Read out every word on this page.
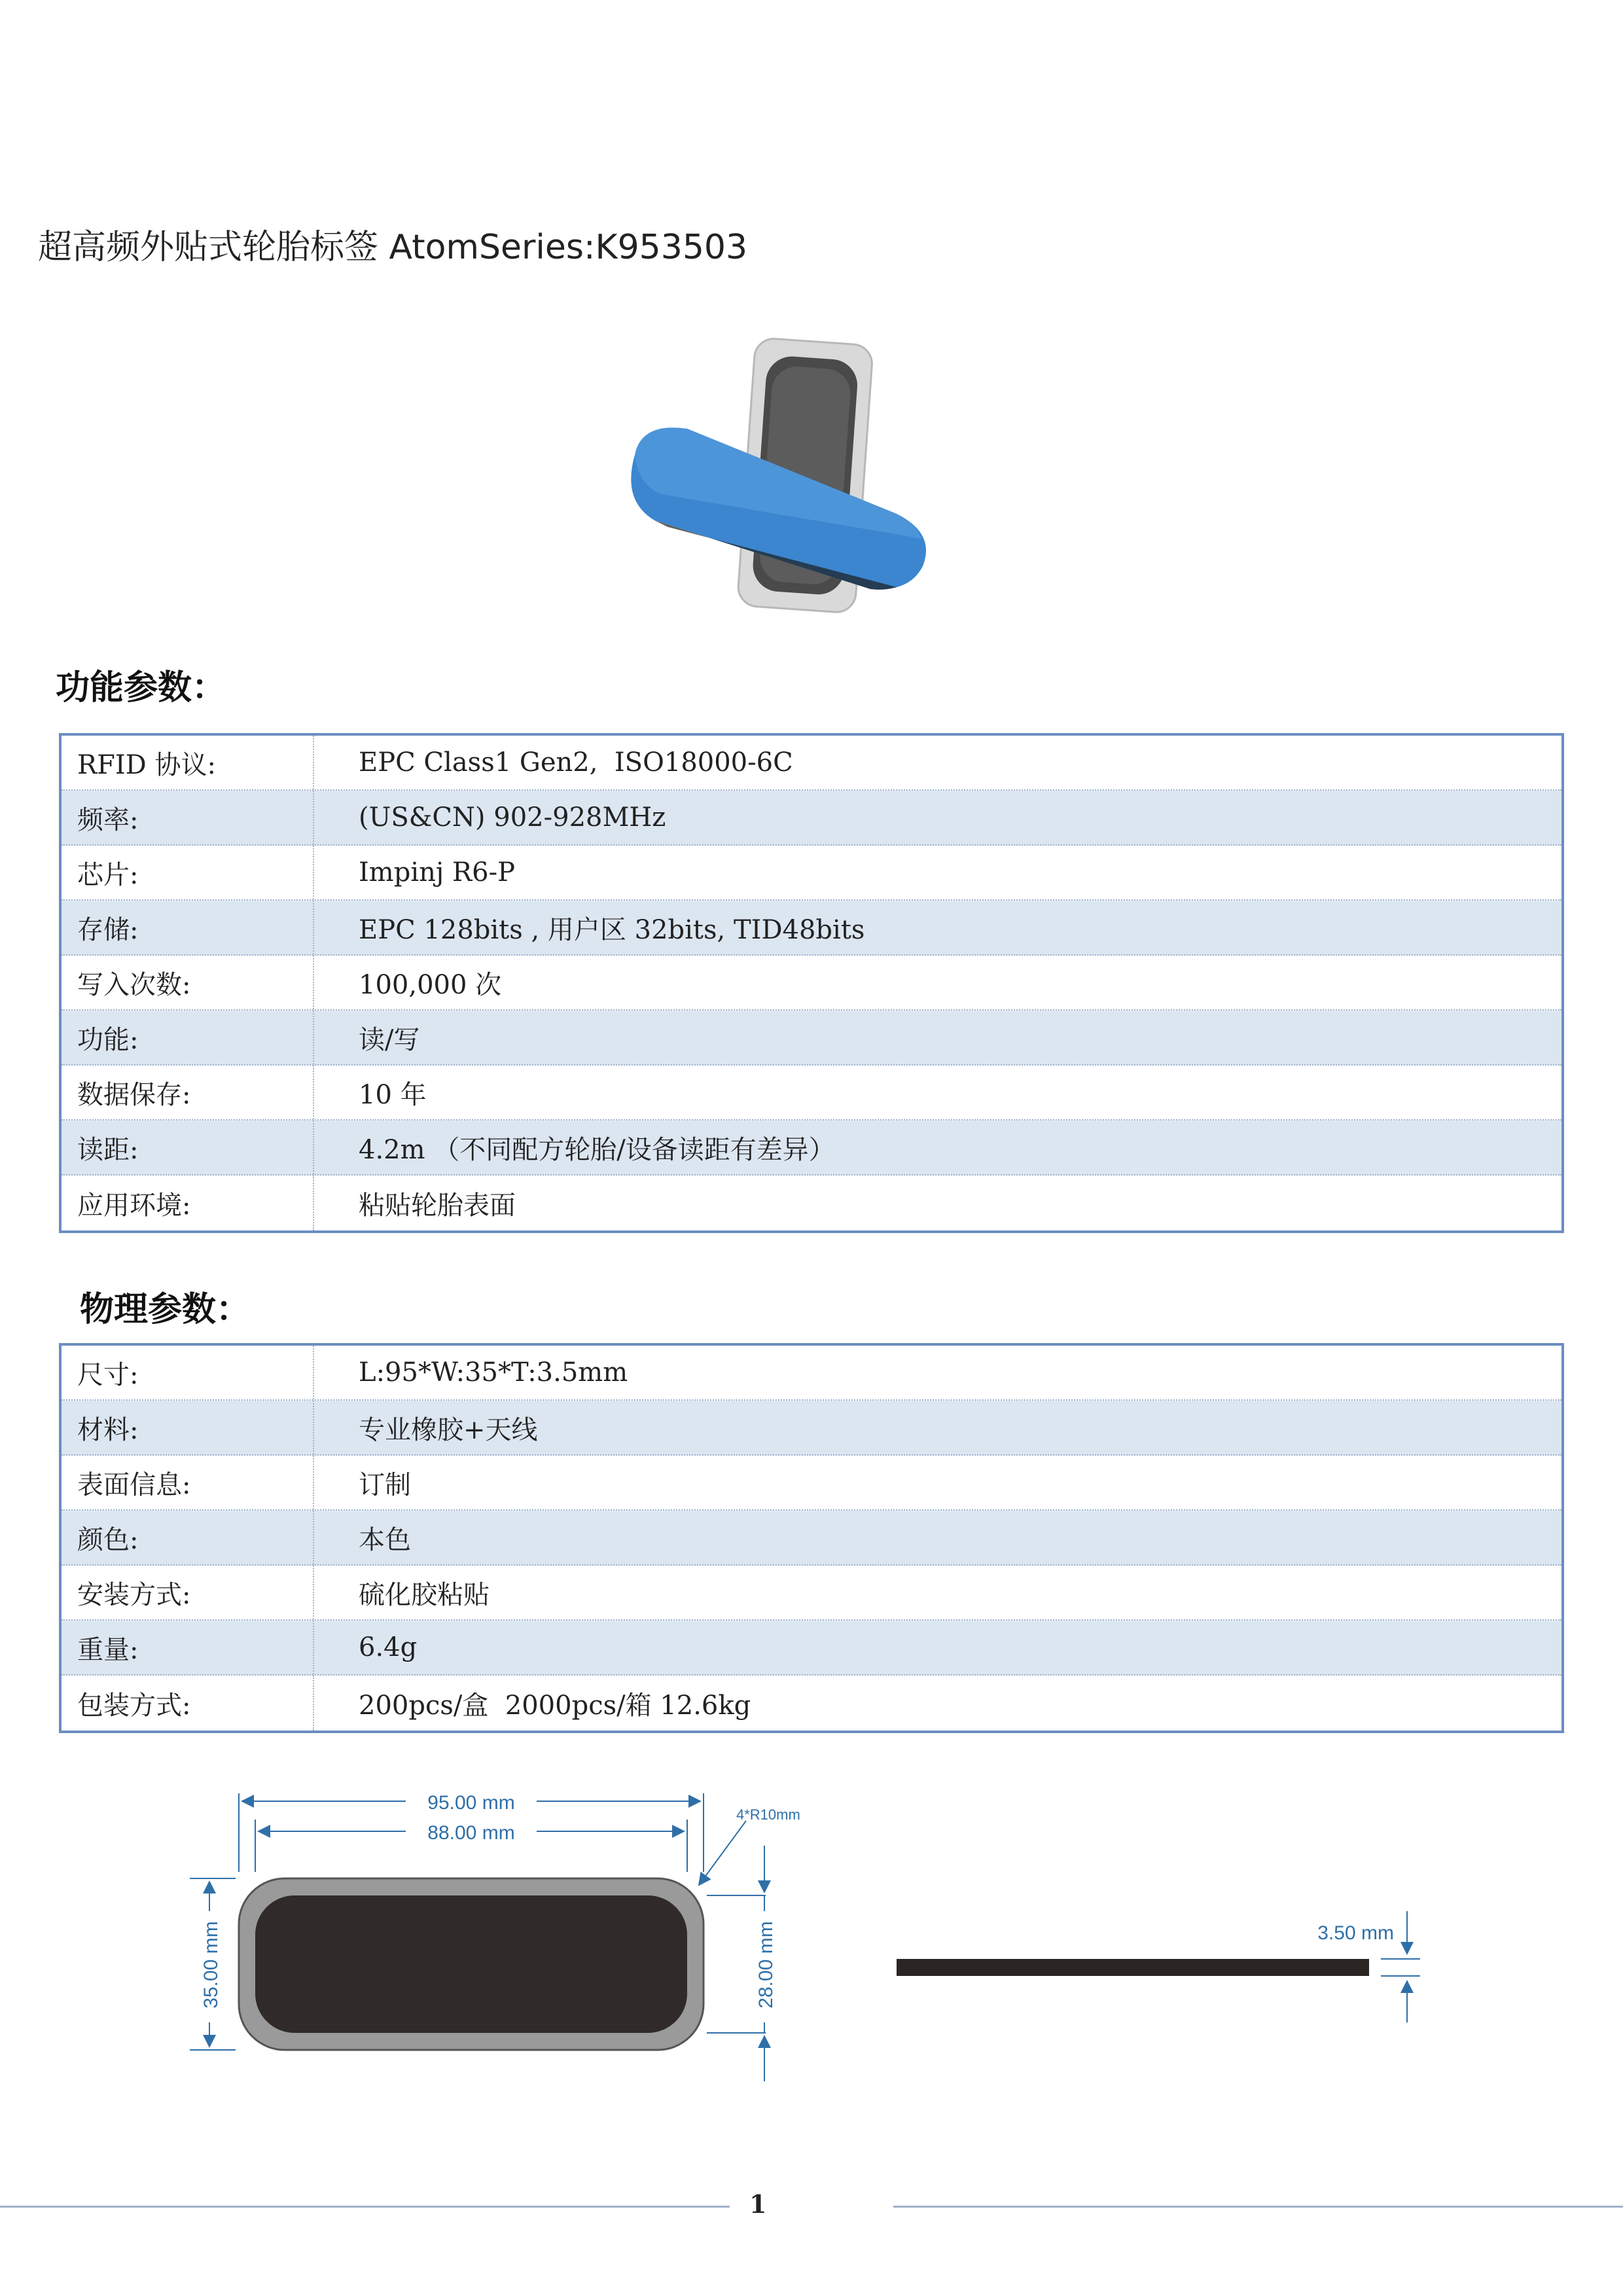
超高频外贴式轮胎标签 AtomSeries:K953503
功能参数：
RFID 协议:	EPC Class1 Gen2,  ISO18000-6C
频率:	(US&CN) 902-928MHz
芯片:	Impinj R6-P
存储:	EPC 128bits , 用户区 32bits, TID48bits
写入次数:	100,000 次
功能:	读/写
数据保存:	10 年
读距:	4.2m （不同配方轮胎/设备读距有差异）
应用环境:	粘贴轮胎表面
物理参数：
尺寸:	L:95*W:35*T:3.5mm
材料:	专业橡胶+天线
表面信息:	订制
颜色:	本色
安装方式:	硫化胶粘贴
重量:	6.4g
包装方式:	200pcs/盒  2000pcs/箱 12.6kg
95.00 mm
88.00 mm
4*R10mm
35.00 mm	28.00 mm	3.50 mm
1
